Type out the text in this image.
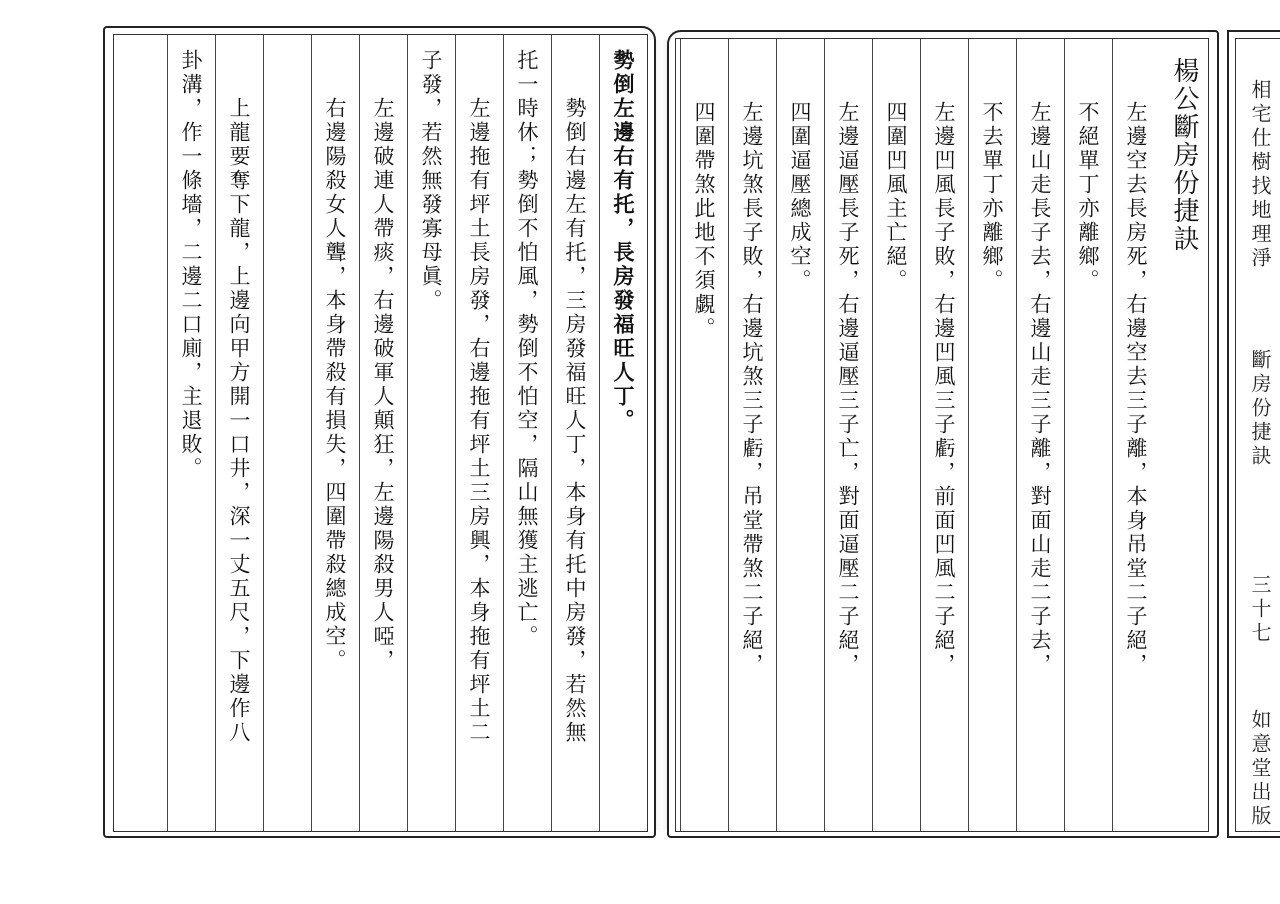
勢倒左邊右有托，長房發福旺人丁。
勢倒右邊左有托，三房發福旺人丁，本身有托中房發，若然無
托一時休；勢倒不怕風，勢倒不怕空，隔山無獲主逃亡。
左邊拖有坪土長房發，右邊拖有坪土三房興，本身拖有坪土二
子發，若然無發寡母眞。
左邊破連人帶痰，右邊破軍人顛狂，左邊陽殺男人啞，
右邊陽殺女人聾，本身帶殺有損失，四圍帶殺總成空。
上龍要奪下龍，上邊向甲方開一口井，深一丈五尺，下邊作八
卦溝，作一條墻，二邊二口廁，主退敗。	楊公斷房份捷訣
左邊空去長房死，右邊空去三子離，本身吊堂二子絕，
不絕單丁亦離鄉。
左邊山走長子去，右邊山走三子離，對面山走二子去，
不去單丁亦離鄉。
左邊凹風長子敗，右邊凹風三子虧，前面凹風二子絕，
四圍凹風主亡絕。
左邊逼壓長子死，右邊逼壓三子亡，對面逼壓二子絕，
四圍逼壓總成空。
左邊坑煞長子敗，右邊坑煞三子虧，吊堂帶煞二子絕，
四圍帶煞此地不須覷。	相宅仕樹找地理淨
斷房份捷訣
三十七
如意堂出版
